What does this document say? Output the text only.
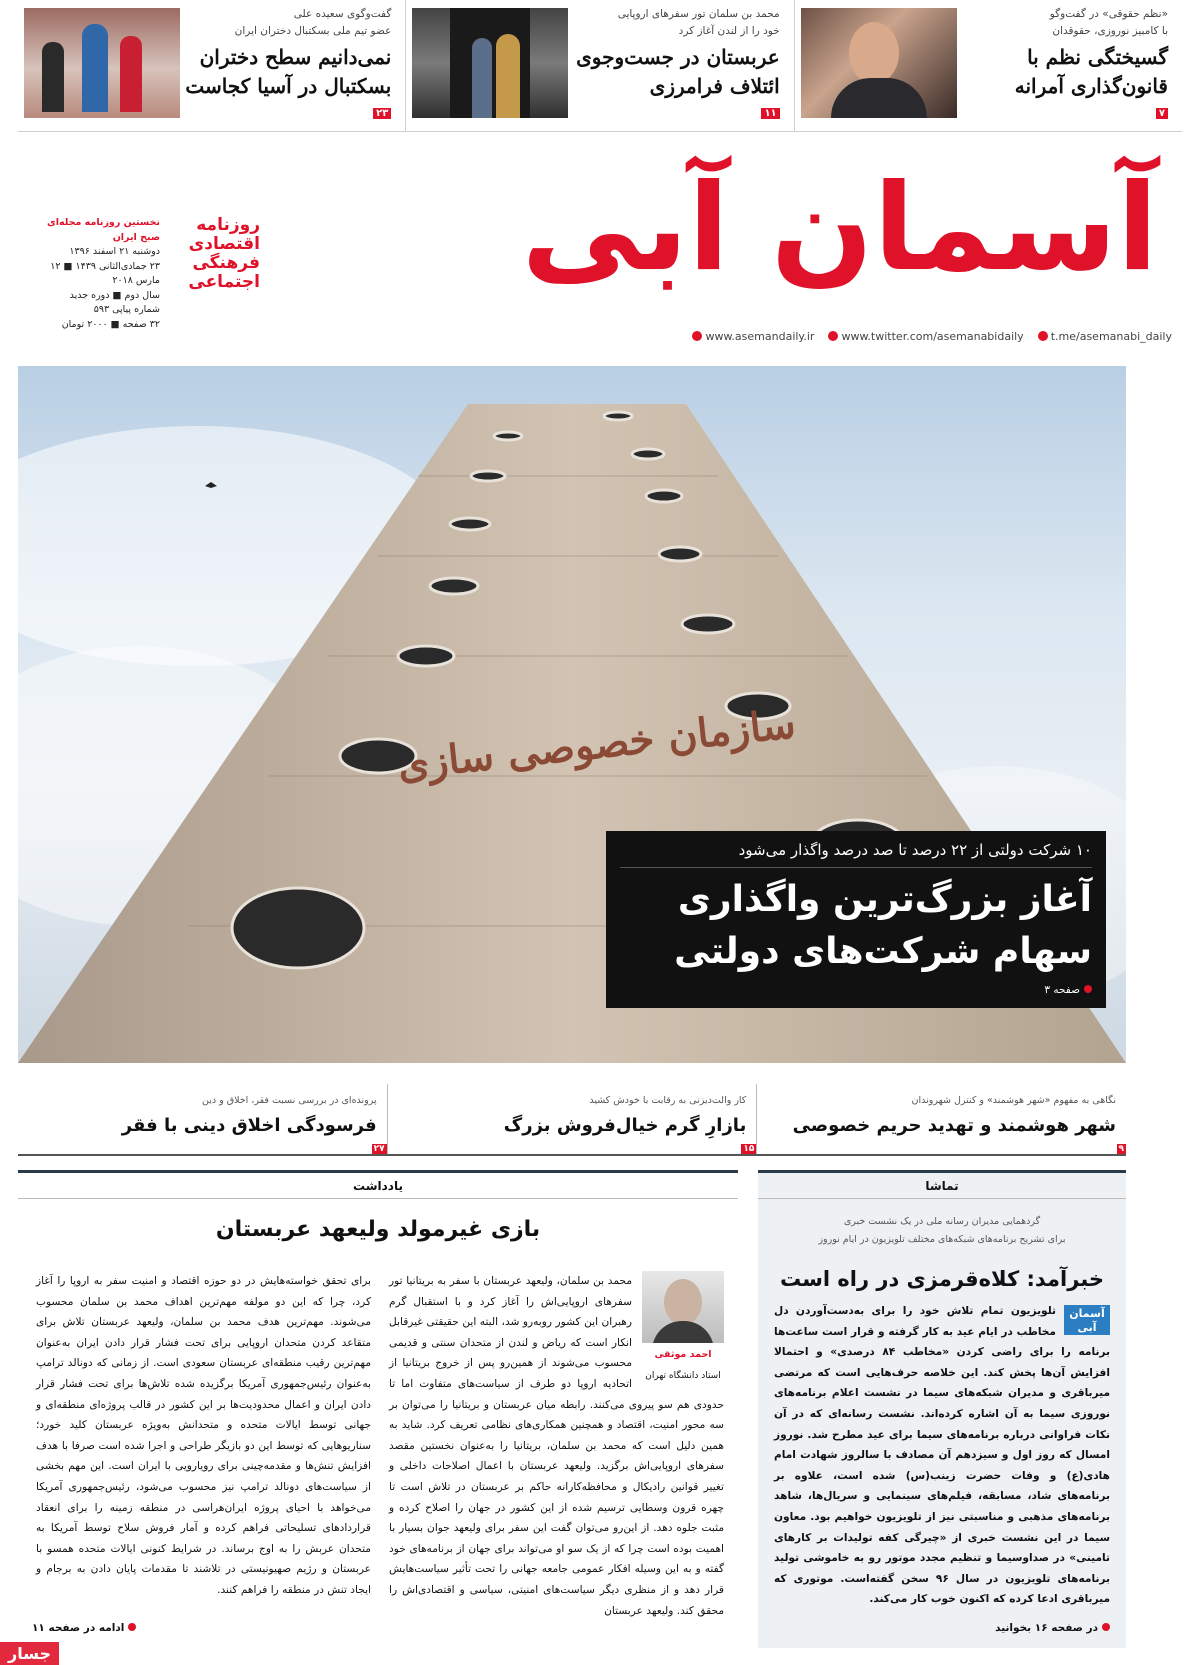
«نظم حقوقی» در گفت‌وگو
با کامبیز نوروزی، حقوقدان
گسیختگی نظم با
قانون‌گذاری آمرانه
۷
محمد بن سلمان تور سفرهای اروپایی
خود را از لندن آغاز کرد
عربستان در جست‌وجوی
ائتلاف فرامرزی
۱۱
گفت‌وگوی سعیده علی
عضو تیم ملی بسکتبال دختران ایران
نمی‌دانیم سطح دختران
بسکتبال در آسیا کجاست
۲۳
آسمان آبی
روزنامه
اقتصادی
فرهنگی
اجتماعی
نخستین روزنامه مجله‌ای صبح ایران
دوشنبه ۲۱ اسفند ۱۳۹۶
۲۳ جمادی‌الثانی ۱۴۳۹ ■ ۱۲ مارس ۲۰۱۸
سال دوم ■ دوره جدید
شماره پیاپی ۵۹۳
۳۲ صفحه ■ ۲۰۰۰ تومان
www.asemandaily.ir	www.twitter.com/asemanabidaily	t.me/asemanabi_daily
سازمان خصوصی سازی
۱۰ شرکت دولتی از ۲۲ درصد تا صد درصد واگذار می‌شود
آغاز بزرگ‌ترین واگذاری
سهام شرکت‌های دولتی
صفحه ۳
نگاهی به مفهوم «شهر هوشمند» و کنترل شهروندان
شهر هوشمند و تهدید حریم خصوصی
۹
کار والت‌دیزنی به رقابت با خودش کشید
بازارِ گرم خیال‌فروش بزرگ
۱۵
پرونده‌ای در بررسی نسبت فقر، اخلاق و دین
فرسودگی اخلاق دینی با فقر
۲۷
تماشا
گردهمایی مدیران رسانه ملی در یک نشست خبری
برای تشریح برنامه‌های شبکه‌های مختلف تلویزیون در ایام نوروز
خبرآمد: کلاه‌قرمزی در راه است
آسمان آبی
تلویزیون تمام تلاش خود را برای به‌دست‌آوردن دل مخاطب در ایام عید به کار گرفته و قرار است ساعت‌ها برنامه را برای راضی کردن «مخاطب ۸۴ درصدی» و احتمالا افزایش آن‌ها پخش کند. این خلاصه حرف‌هایی است که مرتضی میرباقری و مدیران شبکه‌های سیما در نشست اعلام برنامه‌های نوروزی سیما به آن اشاره کرده‌اند. نشست رسانه‌ای که در آن نکات فراوانی درباره برنامه‌های سیما برای عید مطرح شد. نوروز امسال که روز اول و سیزدهم آن مصادف با سالروز شهادت امام هادی(ع) و وفات حضرت زینب(س) شده است، علاوه بر برنامه‌های شاد، مسابقه، فیلم‌های سینمایی و سریال‌ها، شاهد برنامه‌های مذهبی و مناسبتی نیز از تلویزیون خواهیم بود. معاون سیما در این نشست خبری از «چیرگی کفه تولیدات بر کارهای تامینی» در صداوسیما و تنظیم مجدد موتور رو به خاموشی تولید برنامه‌های تلویزیون در سال ۹۶ سخن گفته‌است. موتوری که میرباقری ادعا کرده که اکنون خوب کار می‌کند.
در صفحه ۱۶ بخوانید
یادداشت
بازی غیرمولد ولیعهد عربستان
احمد موثقی
استاد دانشگاه تهران
محمد بن سلمان، ولیعهد عربستان با سفر به بریتانیا تور سفرهای اروپایی‌اش را آغاز کرد و با استقبال گرم رهبران این کشور روبه‌رو شد، البته این حقیقتی غیرقابل انکار است که ریاض و لندن از متحدان سنتی و قدیمی محسوب می‌شوند از همین‌رو پس از خروج بریتانیا از اتحادیه اروپا دو طرف از سیاست‌های متفاوت اما تا حدودی هم سو پیروی می‌کنند. رابطه میان عربستان و بریتانیا را می‌توان بر سه محور امنیت، اقتصاد و همچنین همکاری‌های نظامی تعریف کرد. شاید به همین دلیل است که محمد بن سلمان، بریتانیا را به‌عنوان نخستین مقصد سفرهای اروپایی‌اش برگزید. ولیعهد عربستان با اعمال اصلاحات داخلی و تغییر قوانین رادیکال و محافظه‌کارانه حاکم بر عربستان در تلاش است تا چهره قرون وسطایی ترسیم شده از این کشور در جهان را اصلاح کرده و مثبت جلوه دهد. از این‌رو می‌توان گفت این سفر برای ولیعهد جوان بسیار با اهمیت بوده است چرا که از یک سو او می‌تواند برای جهان از برنامه‌های خود گفته و به این وسیله افکار عمومی جامعه جهانی را تحت تأثیر سیاست‌هایش قرار دهد و از منظری دیگر سیاست‌های امنیتی، سیاسی و اقتصادی‌اش را محقق کند. ولیعهد عربستان
برای تحقق خواسته‌هایش در دو حوزه اقتصاد و امنیت سفر به اروپا را آغاز کرد، چرا که این دو مولفه مهم‌ترین اهداف محمد بن سلمان محسوب می‌شوند. مهم‌ترین هدف محمد بن سلمان، ولیعهد عربستان تلاش برای متقاعد کردن متحدان اروپایی برای تحت فشار قرار دادن ایران به‌عنوان مهم‌ترین رقیب منطقه‌ای عربستان سعودی است. از زمانی که دونالد ترامپ به‌عنوان رئیس‌جمهوری آمریکا برگزیده شده تلاش‌ها برای تحت فشار قرار دادن ایران و اعمال محدودیت‌ها بر این کشور در قالب پروژه‌ای منطقه‌ای و جهانی توسط ایالات متحده و متحدانش به‌ویژه عربستان کلید خورد؛ سناریوهایی که توسط این دو بازیگر طراحی و اجرا شده است صرفا با هدف افزایش تنش‌ها و مقدمه‌چینی برای رویارویی با ایران است. این مهم بخشی از سیاست‌های دونالد ترامپ نیز محسوب می‌شود، رئیس‌جمهوری آمریکا می‌خواهد با احیای پروژه ایران‌هراسی در منطقه زمینه را برای انعقاد قراردادهای تسلیحاتی فراهم کرده و آمار فروش سلاح توسط آمریکا به متحدان عربش را به اوج برساند. در شرایط کنونی ایالات متحده همسو با عربستان و رژیم صهیونیستی در تلاشند تا مقدمات پایان دادن به برجام و ایجاد تنش در منطقه را فراهم کنند.
ادامه در صفحه ۱۱
جسار
